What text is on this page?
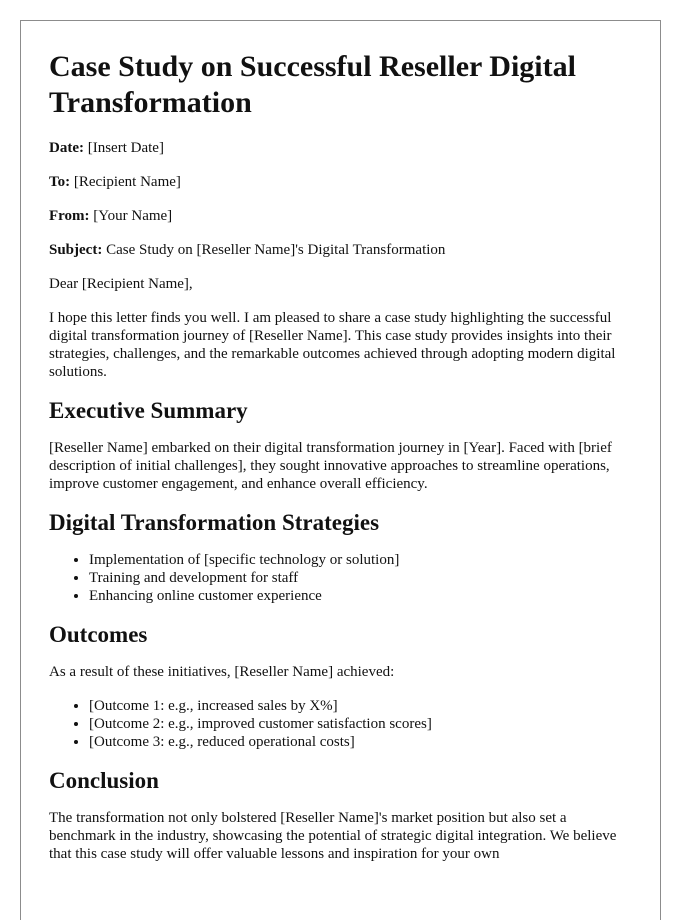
Case Study on Successful Reseller Digital Transformation

Date: [Insert Date]

To: [Recipient Name]

From: [Your Name]

Subject: Case Study on [Reseller Name]'s Digital Transformation

Dear [Recipient Name],

I hope this letter finds you well. I am pleased to share a case study highlighting the successful digital transformation journey of [Reseller Name]. This case study provides insights into their strategies, challenges, and the remarkable outcomes achieved through adopting modern digital solutions.

Executive Summary

[Reseller Name] embarked on their digital transformation journey in [Year]. Faced with [brief description of initial challenges], they sought innovative approaches to streamline operations, improve customer engagement, and enhance overall efficiency.

Digital Transformation Strategies
• Implementation of [specific technology or solution]
• Training and development for staff
• Enhancing online customer experience
Outcomes

As a result of these initiatives, [Reseller Name] achieved:

• [Outcome 1: e.g., increased sales by X%]
• [Outcome 2: e.g., improved customer satisfaction scores]
• [Outcome 3: e.g., reduced operational costs]
Conclusion

The transformation not only bolstered [Reseller Name]'s market position but also set a benchmark in the industry, showcasing the potential of strategic digital integration. We believe that this case study will offer valuable lessons and inspiration for your own
